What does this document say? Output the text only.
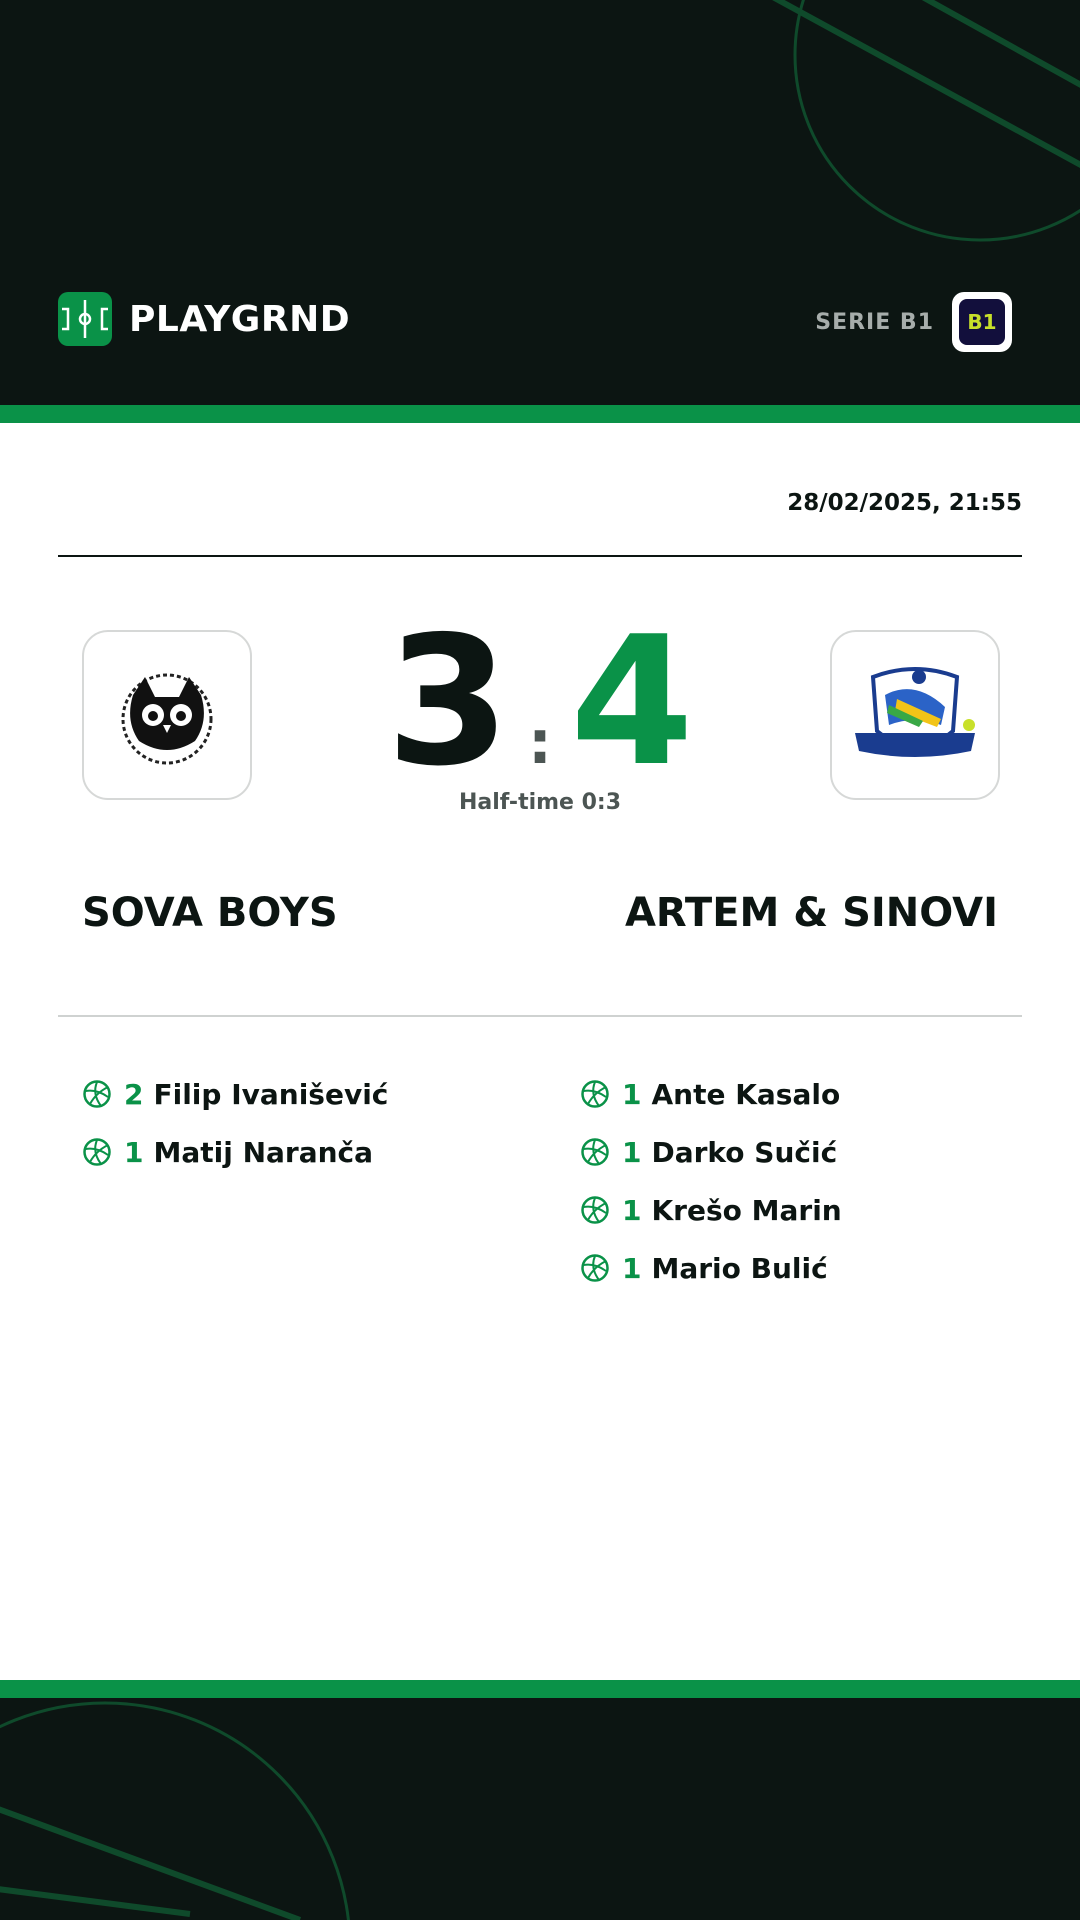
PLAYGRND	SERIE B1	B1
28/02/2025, 21:55
3 : 4
Half-time 0:3
SOVA BOYS	ARTEM & SINOVI
2 Filip Ivanišević
1 Matij Naranča
1 Ante Kasalo
1 Darko Sučić
1 Krešo Marin
1 Mario Bulić
